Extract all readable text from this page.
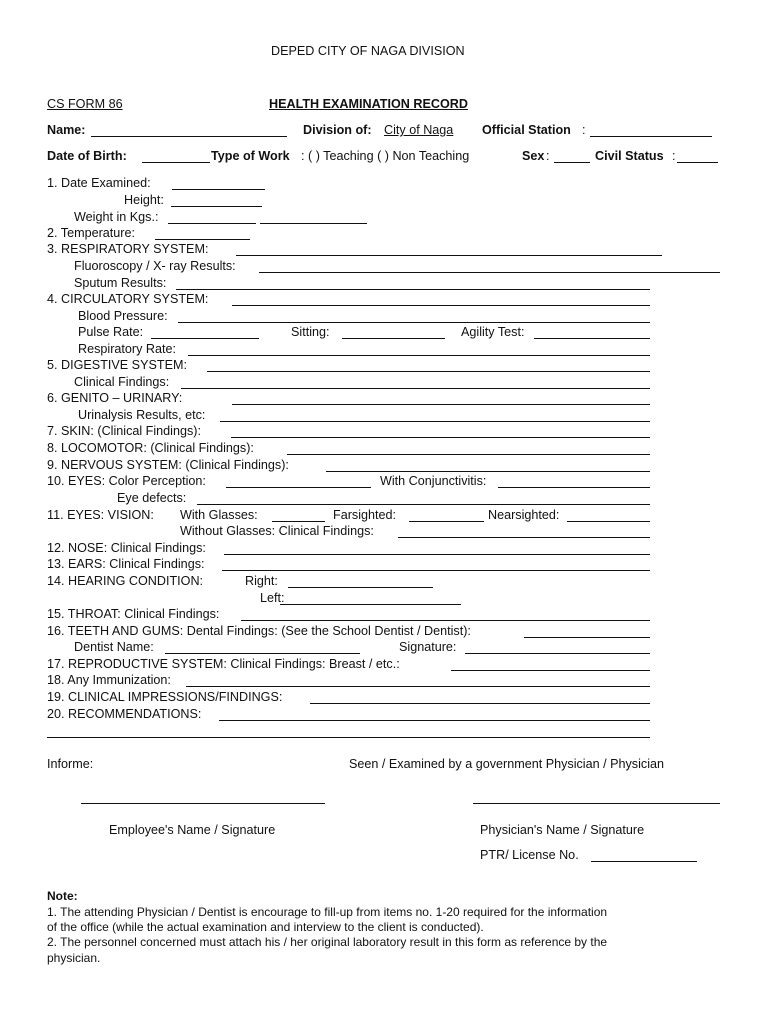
DEPED CITY OF NAGA DIVISION
CS FORM 86	HEALTH EXAMINATION RECORD
Name:	Division of: City of Naga Official Station :
Date of Birth:	Type of Work : ( ) Teaching ( ) Non Teaching	Sex :	Civil Status :
1. Date Examined:
Height:
Weight in Kgs.:
2. Temperature:
3. RESPIRATORY SYSTEM:
Fluoroscopy / X- ray Results:
Sputum Results:
4. CIRCULATORY SYSTEM:
Blood Pressure:
Pulse Rate:	Sitting:	Agility Test:
Respiratory Rate:
5. DIGESTIVE SYSTEM:
Clinical Findings:
6. GENITO – URINARY:
Urinalysis Results, etc:
7. SKIN: (Clinical Findings):
8. LOCOMOTOR: (Clinical Findings):
9. NERVOUS SYSTEM: (Clinical Findings):
10. EYES: Color Perception:	With Conjunctivitis:
Eye defects:
11. EYES: VISION: With Glasses:	Farsighted:	Nearsighted:
Without Glasses: Clinical Findings:
12. NOSE: Clinical Findings:
13. EARS: Clinical Findings:
14. HEARING CONDITION:	Right:
Left:
15. THROAT: Clinical Findings:
16. TEETH AND GUMS: Dental Findings: (See the School Dentist / Dentist):
Dentist Name:	Signature:
17. REPRODUCTIVE SYSTEM: Clinical Findings: Breast / etc.:
18. Any Immunization:
19. CLINICAL IMPRESSIONS/FINDINGS:
20. RECOMMENDATIONS:
Informe:	Seen / Examined by a government Physician / Physician
Employee's Name / Signature	Physician's Name / Signature
PTR/ License No.
Note:
1. The attending Physician / Dentist is encourage to fill-up from items no. 1-20 required for the information
of the office (while the actual examination and interview to the client is conducted).
2. The personnel concerned must attach his / her original laboratory result in this form as reference by the
physician.
